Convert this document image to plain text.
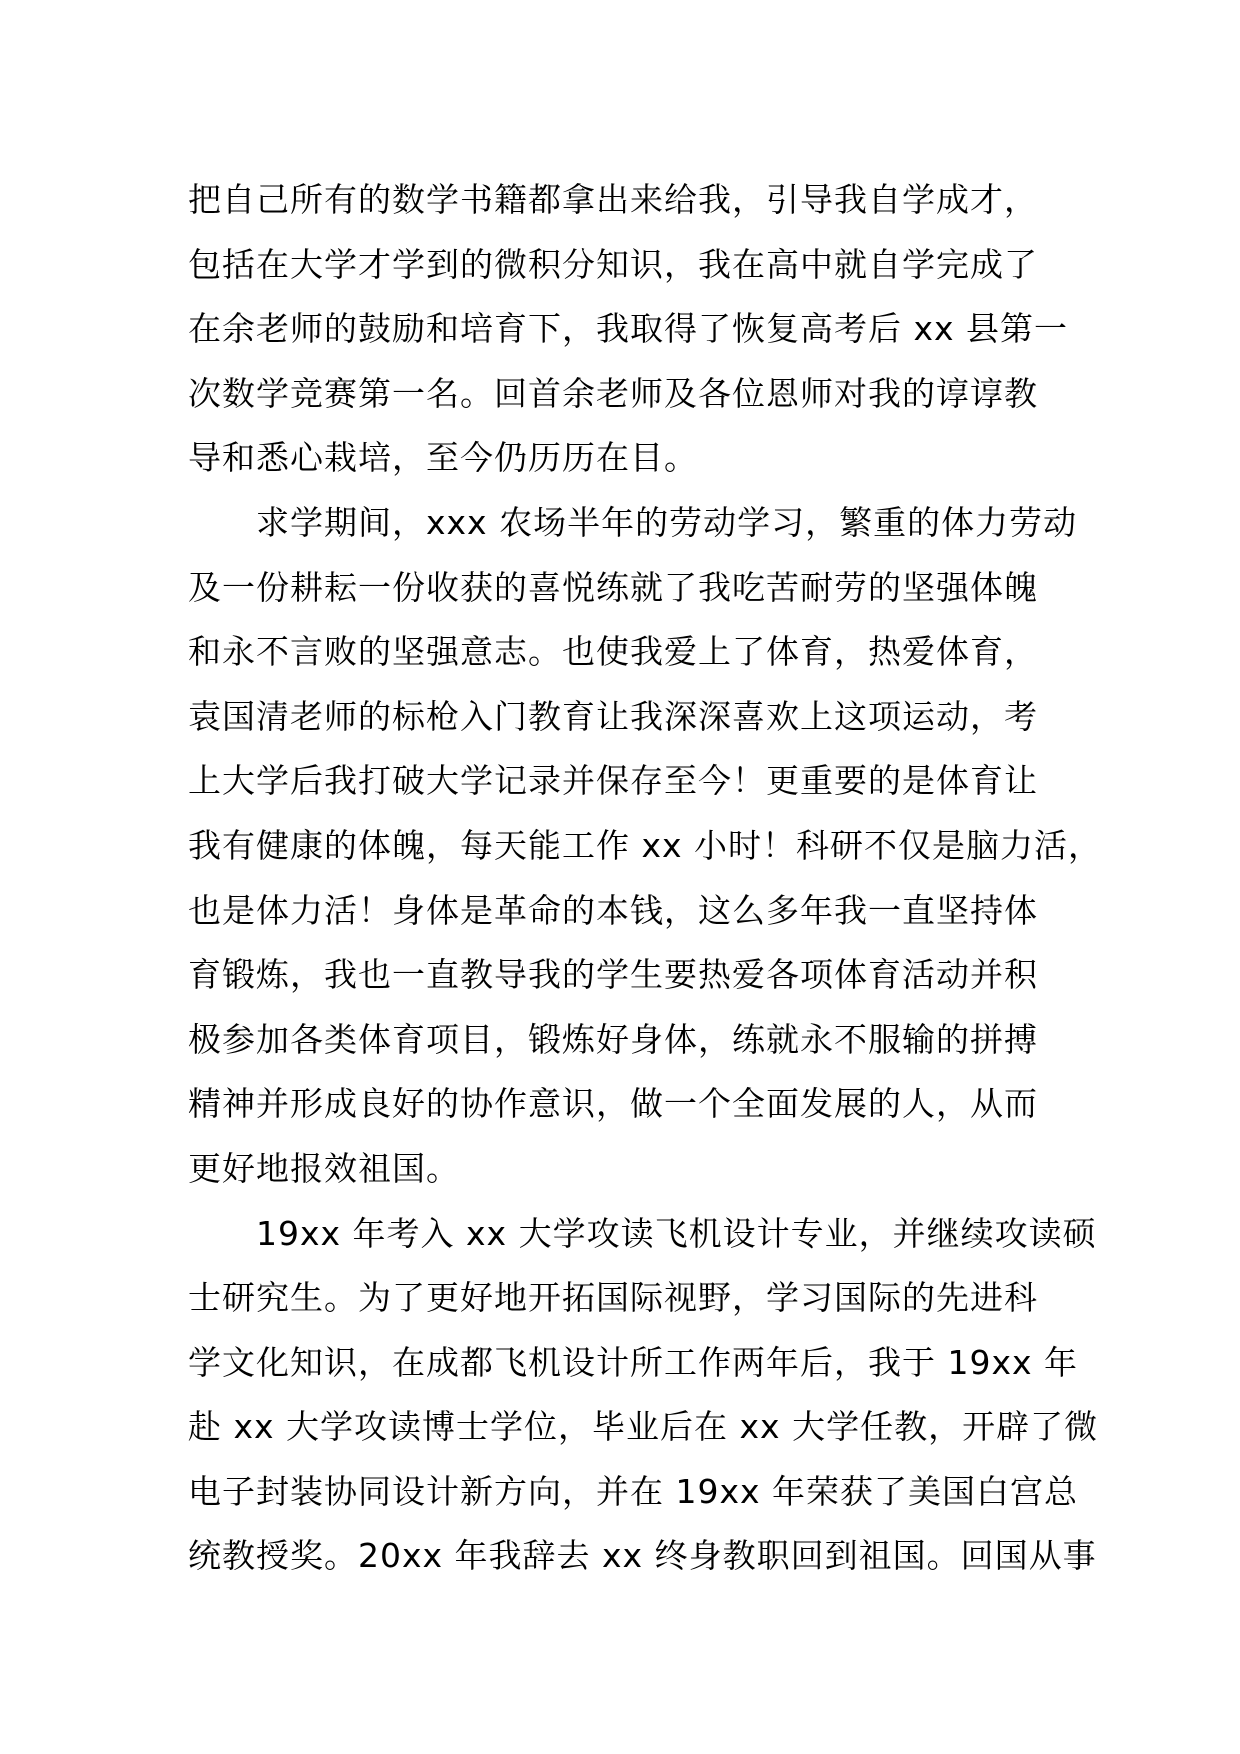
把自己所有的数学书籍都拿出来给我，引导我自学成才，
包括在大学才学到的微积分知识，我在高中就自学完成了
在余老师的鼓励和培育下，我取得了恢复高考后 xx 县第一
次数学竞赛第一名。回首余老师及各位恩师对我的谆谆教
导和悉心栽培，至今仍历历在目。
求学期间，xxx 农场半年的劳动学习，繁重的体力劳动
及一份耕耘一份收获的喜悦练就了我吃苦耐劳的坚强体魄
和永不言败的坚强意志。也使我爱上了体育，热爱体育，
袁国清老师的标枪入门教育让我深深喜欢上这项运动，考
上大学后我打破大学记录并保存至今！更重要的是体育让
我有健康的体魄，每天能工作 xx 小时！科研不仅是脑力活，
也是体力活！身体是革命的本钱，这么多年我一直坚持体
育锻炼，我也一直教导我的学生要热爱各项体育活动并积
极参加各类体育项目，锻炼好身体，练就永不服输的拼搏
精神并形成良好的协作意识，做一个全面发展的人，从而
更好地报效祖国。
19xx 年考入 xx 大学攻读飞机设计专业，并继续攻读硕
士研究生。为了更好地开拓国际视野，学习国际的先进科
学文化知识，在成都飞机设计所工作两年后，我于 19xx 年
赴 xx 大学攻读博士学位，毕业后在 xx 大学任教，开辟了微
电子封装协同设计新方向，并在 19xx 年荣获了美国白宫总
统教授奖。20xx 年我辞去 xx 终身教职回到祖国。回国从事
